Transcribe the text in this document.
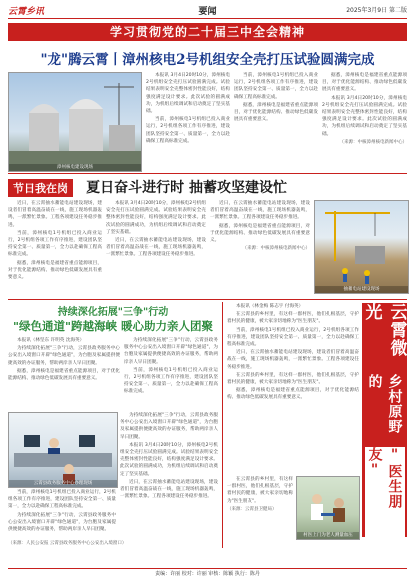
云霄乡讯	要闻	2025年3月9日 第二版
学习贯彻党的二十届三中全会精神
"龙"腾云霄丨漳州核电2号机组安全壳打压试验圆满完成
漳州核电建设现场

本报讯 3月4日20时10分，漳州核电2号机组安全壳打压试验圆满完成。试验结果表明安全壳整体密封性能良好，结构强度满足设计要求。此次试验的圆满成功，为机组后续调试和启动奠定了坚实基础。

当前，漳州核电1号机组已投入商业运行，2号机组各项工作有序推进，建设团队坚持安全第一、质量第一，全力以赴确保工程高标准完成。

当前，漳州核电1号机组已投入商业运行，2号机组各项工作有序推进，建设团队坚持安全第一、质量第一，全力以赴确保工程高标准完成。

据悉，漳州核电是福建省重点能源项目，对于优化能源结构、推动绿色低碳发展具有重要意义。

据悉，漳州核电是福建省重点能源项目，对于优化能源结构、推动绿色低碳发展具有重要意义。

本报讯 3月4日20时10分，漳州核电2号机组安全壳打压试验圆满完成。试验结果表明安全壳整体密封性能良好，结构强度满足设计要求。此次试验的圆满成功，为机组后续调试和启动奠定了坚实基础。

（来源：中核漳州核电新闻中心）
节日我在岗 夏日奋斗进行时 抽蓄攻坚建设忙

近日，在云霄抽水蓄能电站建设现场，建设者们冒着高温奋战在一线，施工现场机器轰鸣，一派繁忙景象。工程各项建设任务稳步推进。

当前，漳州核电1号机组已投入商业运行，2号机组各项工作有序推进，建设团队坚持安全第一、质量第一，全力以赴确保工程高标准完成。

据悉，漳州核电是福建省重点能源项目，对于优化能源结构、推动绿色低碳发展具有重要意义。

本报讯 3月4日20时10分，漳州核电2号机组安全壳打压试验圆满完成。试验结果表明安全壳整体密封性能良好，结构强度满足设计要求。此次试验的圆满成功，为机组后续调试和启动奠定了坚实基础。

近日，在云霄抽水蓄能电站建设现场，建设者们冒着高温奋战在一线，施工现场机器轰鸣，一派繁忙景象。工程各项建设任务稳步推进。

近日，在云霄抽水蓄能电站建设现场，建设者们冒着高温奋战在一线，施工现场机器轰鸣，一派繁忙景象。工程各项建设任务稳步推进。

据悉，漳州核电是福建省重点能源项目，对于优化能源结构、推动绿色低碳发展具有重要意义。

（来源：中核漳州核电新闻中心）
抽蓄电站建设现场
持续深化拓展"三争"行动
"绿色通道"跨越海峡 暖心助力亲人团聚

本报讯（林坚东 许明英 沈海英）

为持续深化拓展"三争"行动，云霄县政务服务中心公安出入境窗口开辟"绿色通道"，为台胞及家属提供便捷高效的办证服务，帮助两岸亲人早日团聚。

据悉，漳州核电是福建省重点能源项目，对于优化能源结构、推动绿色低碳发展具有重要意义。

为持续深化拓展"三争"行动，云霄县政务服务中心公安出入境窗口开辟"绿色通道"，为台胞及家属提供便捷高效的办证服务，帮助两岸亲人早日团聚。

当前，漳州核电1号机组已投入商业运行，2号机组各项工作有序推进，建设团队坚持安全第一、质量第一，全力以赴确保工程高标准完成。

云霄县政务服务中心办理现场

为持续深化拓展"三争"行动，云霄县政务服务中心公安出入境窗口开辟"绿色通道"，为台胞及家属提供便捷高效的办证服务，帮助两岸亲人早日团聚。

本报讯 3月4日20时10分，漳州核电2号机组安全壳打压试验圆满完成。试验结果表明安全壳整体密封性能良好，结构强度满足设计要求。此次试验的圆满成功，为机组后续调试和启动奠定了坚实基础。

近日，在云霄抽水蓄能电站建设现场，建设者们冒着高温奋战在一线，施工现场机器轰鸣，一派繁忙景象。工程各项建设任务稳步推进。

当前，漳州核电1号机组已投入商业运行，2号机组各项工作有序推进，建设团队坚持安全第一、质量第一，全力以赴确保工程高标准完成。

为持续深化拓展"三争"行动，云霄县政务服务中心公安出入境窗口开辟"绿色通道"，为台胞及家属提供便捷高效的办证服务，帮助两岸亲人早日团聚。

（来源：人民公安报 云霄县政务服务中心公安出入境窗口）

本报讯（林金梅 陈志宇 付海英）

在云霄县的乡村里，有这样一群村医，他们扎根基层，守护着村民的健康，被大家亲切地称为"医生朋友"。

当前，漳州核电1号机组已投入商业运行，2号机组各项工作有序推进，建设团队坚持安全第一、质量第一，全力以赴确保工程高标准完成。

近日，在云霄抽水蓄能电站建设现场，建设者们冒着高温奋战在一线，施工现场机器轰鸣，一派繁忙景象。工程各项建设任务稳步推进。

在云霄县的乡村里，有这样一群村医，他们扎根基层，守护着村民的健康，被大家亲切地称为"医生朋友"。

据悉，漳州核电是福建省重点能源项目，对于优化能源结构、推动绿色低碳发展具有重要意义。

云霄微光
乡村原野的
"医生朋友"

在云霄县的乡村里，有这样一群村医，他们扎根基层，守护着村民的健康，被大家亲切地称为"医生朋友"。

（来源：云霄县卫健局）
村医上门为老人测量血压
责编：许丽 校对：许丽 审核：陈颖 执行：陈丹
